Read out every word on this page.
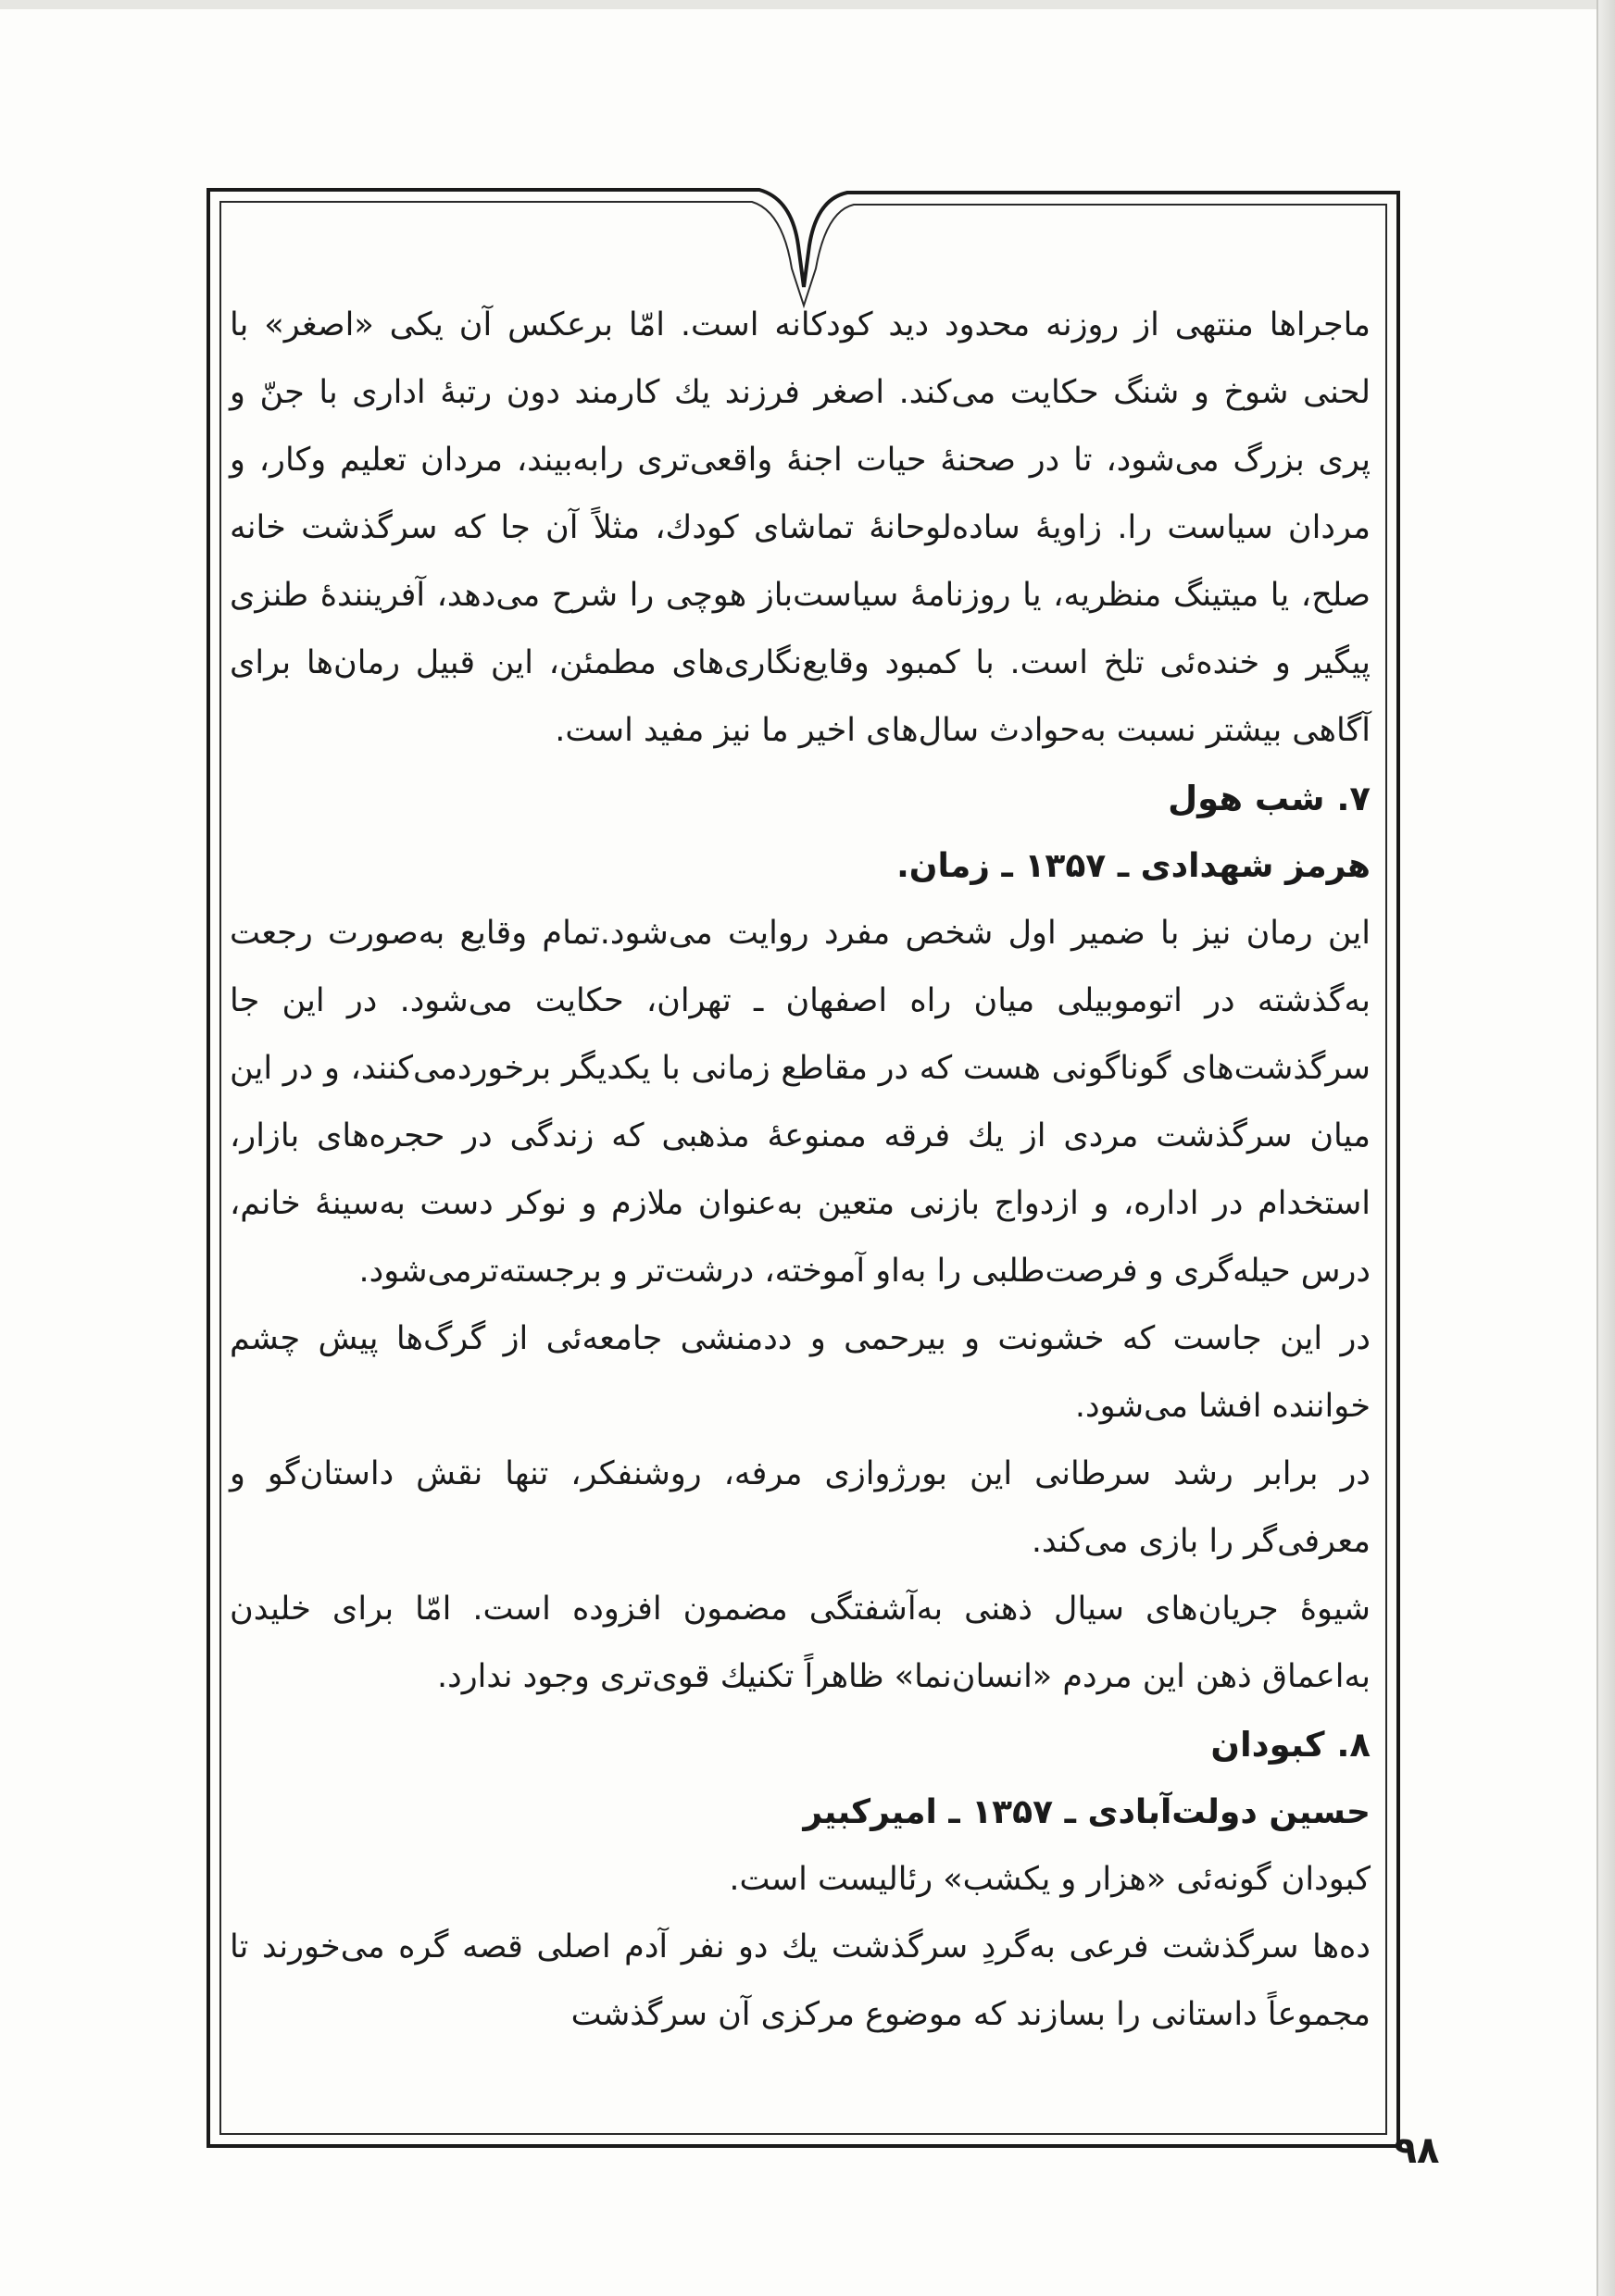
ماجراها منتهی از روزنه محدود دید کودکانه است. امّا برعکس آن یکی «اصغر» با لحنی شوخ و شنگ حکایت می‌کند. اصغر فرزند یك کارمند دون رتبهٔ اداری با جنّ و پری بزرگ می‌شود، تا در صحنهٔ حیات اجنهٔ واقعی‌تری را‌به‌بیند، مردان تعلیم وکار، و مردان سیاست را. زاویهٔ ساده‌لوحانهٔ تماشای کودك، مثلاً آن جا که سرگذشت خانه صلح، یا میتینگ منظریه، یا روزنامهٔ سیاست‌باز هوچی را شرح می‌دهد، آفرینندهٔ طنزی پیگیر و خنده‌ئی تلخ است. با کمبود وقایع‌نگاری‌های مطمئن، این قبیل رمان‌ها برای آگاهی بیشتر نسبت به‌حوادث سال‌های اخیر ما نیز مفید است.

۷. شب هول
هرمز شهدادی ـ ۱۳۵۷ ـ زمان.

این رمان نیز با ضمیر اول شخص مفرد روایت می‌شود.تمام وقایع به‌صورت رجعت به‌گذشته در اتوموبیلی میان راه اصفهان ـ تهران، حکایت می‌شود. در این جا سرگذشت‌های گوناگونی هست که در مقاطع زمانی با یکدیگر برخوردمی‌کنند، و در این میان سرگذشت مردی از یك فرقه ممنوعهٔ مذهبی که زندگی در حجره‌های بازار، استخدام در اداره، و ازدواج بازنی متعین به‌عنوان ملازم و نوکر دست به‌سینهٔ خانم، درس حیله‌گری و فرصت‌طلبی را به‌او آموخته، درشت‌تر و برجسته‌ترمی‌شود.

در این جاست که خشونت و بیرحمی و ددمنشی جامعه‌ئی از گرگ‌ها پیش چشم خواننده افشا می‌شود.

در برابر رشد سرطانی این بورژوازی مرفه، روشنفکر، تنها نقش داستان‌گو و معرفی‌گر را بازی می‌کند.

شیوهٔ جریان‌های سیال ذهنی به‌آشفتگی مضمون افزوده است. امّا برای خلیدن به‌اعماق ذهن این مردم «انسان‌نما» ظاهراً تکنیك قوی‌تری وجود ندارد.

۸. کبودان
حسین دولت‌آبادی ـ ۱۳۵۷ ـ امیرکبیر

کبودان گونه‌ئی «هزار و یکشب» رئالیست است.

ده‌ها سرگذشت فرعی به‌گردِ سرگذشت یك دو نفر آدم اصلی قصه گره می‌خورند تا مجموعاً داستانی را بسازند که موضوع مرکزی آن سرگذشت

۹۸
